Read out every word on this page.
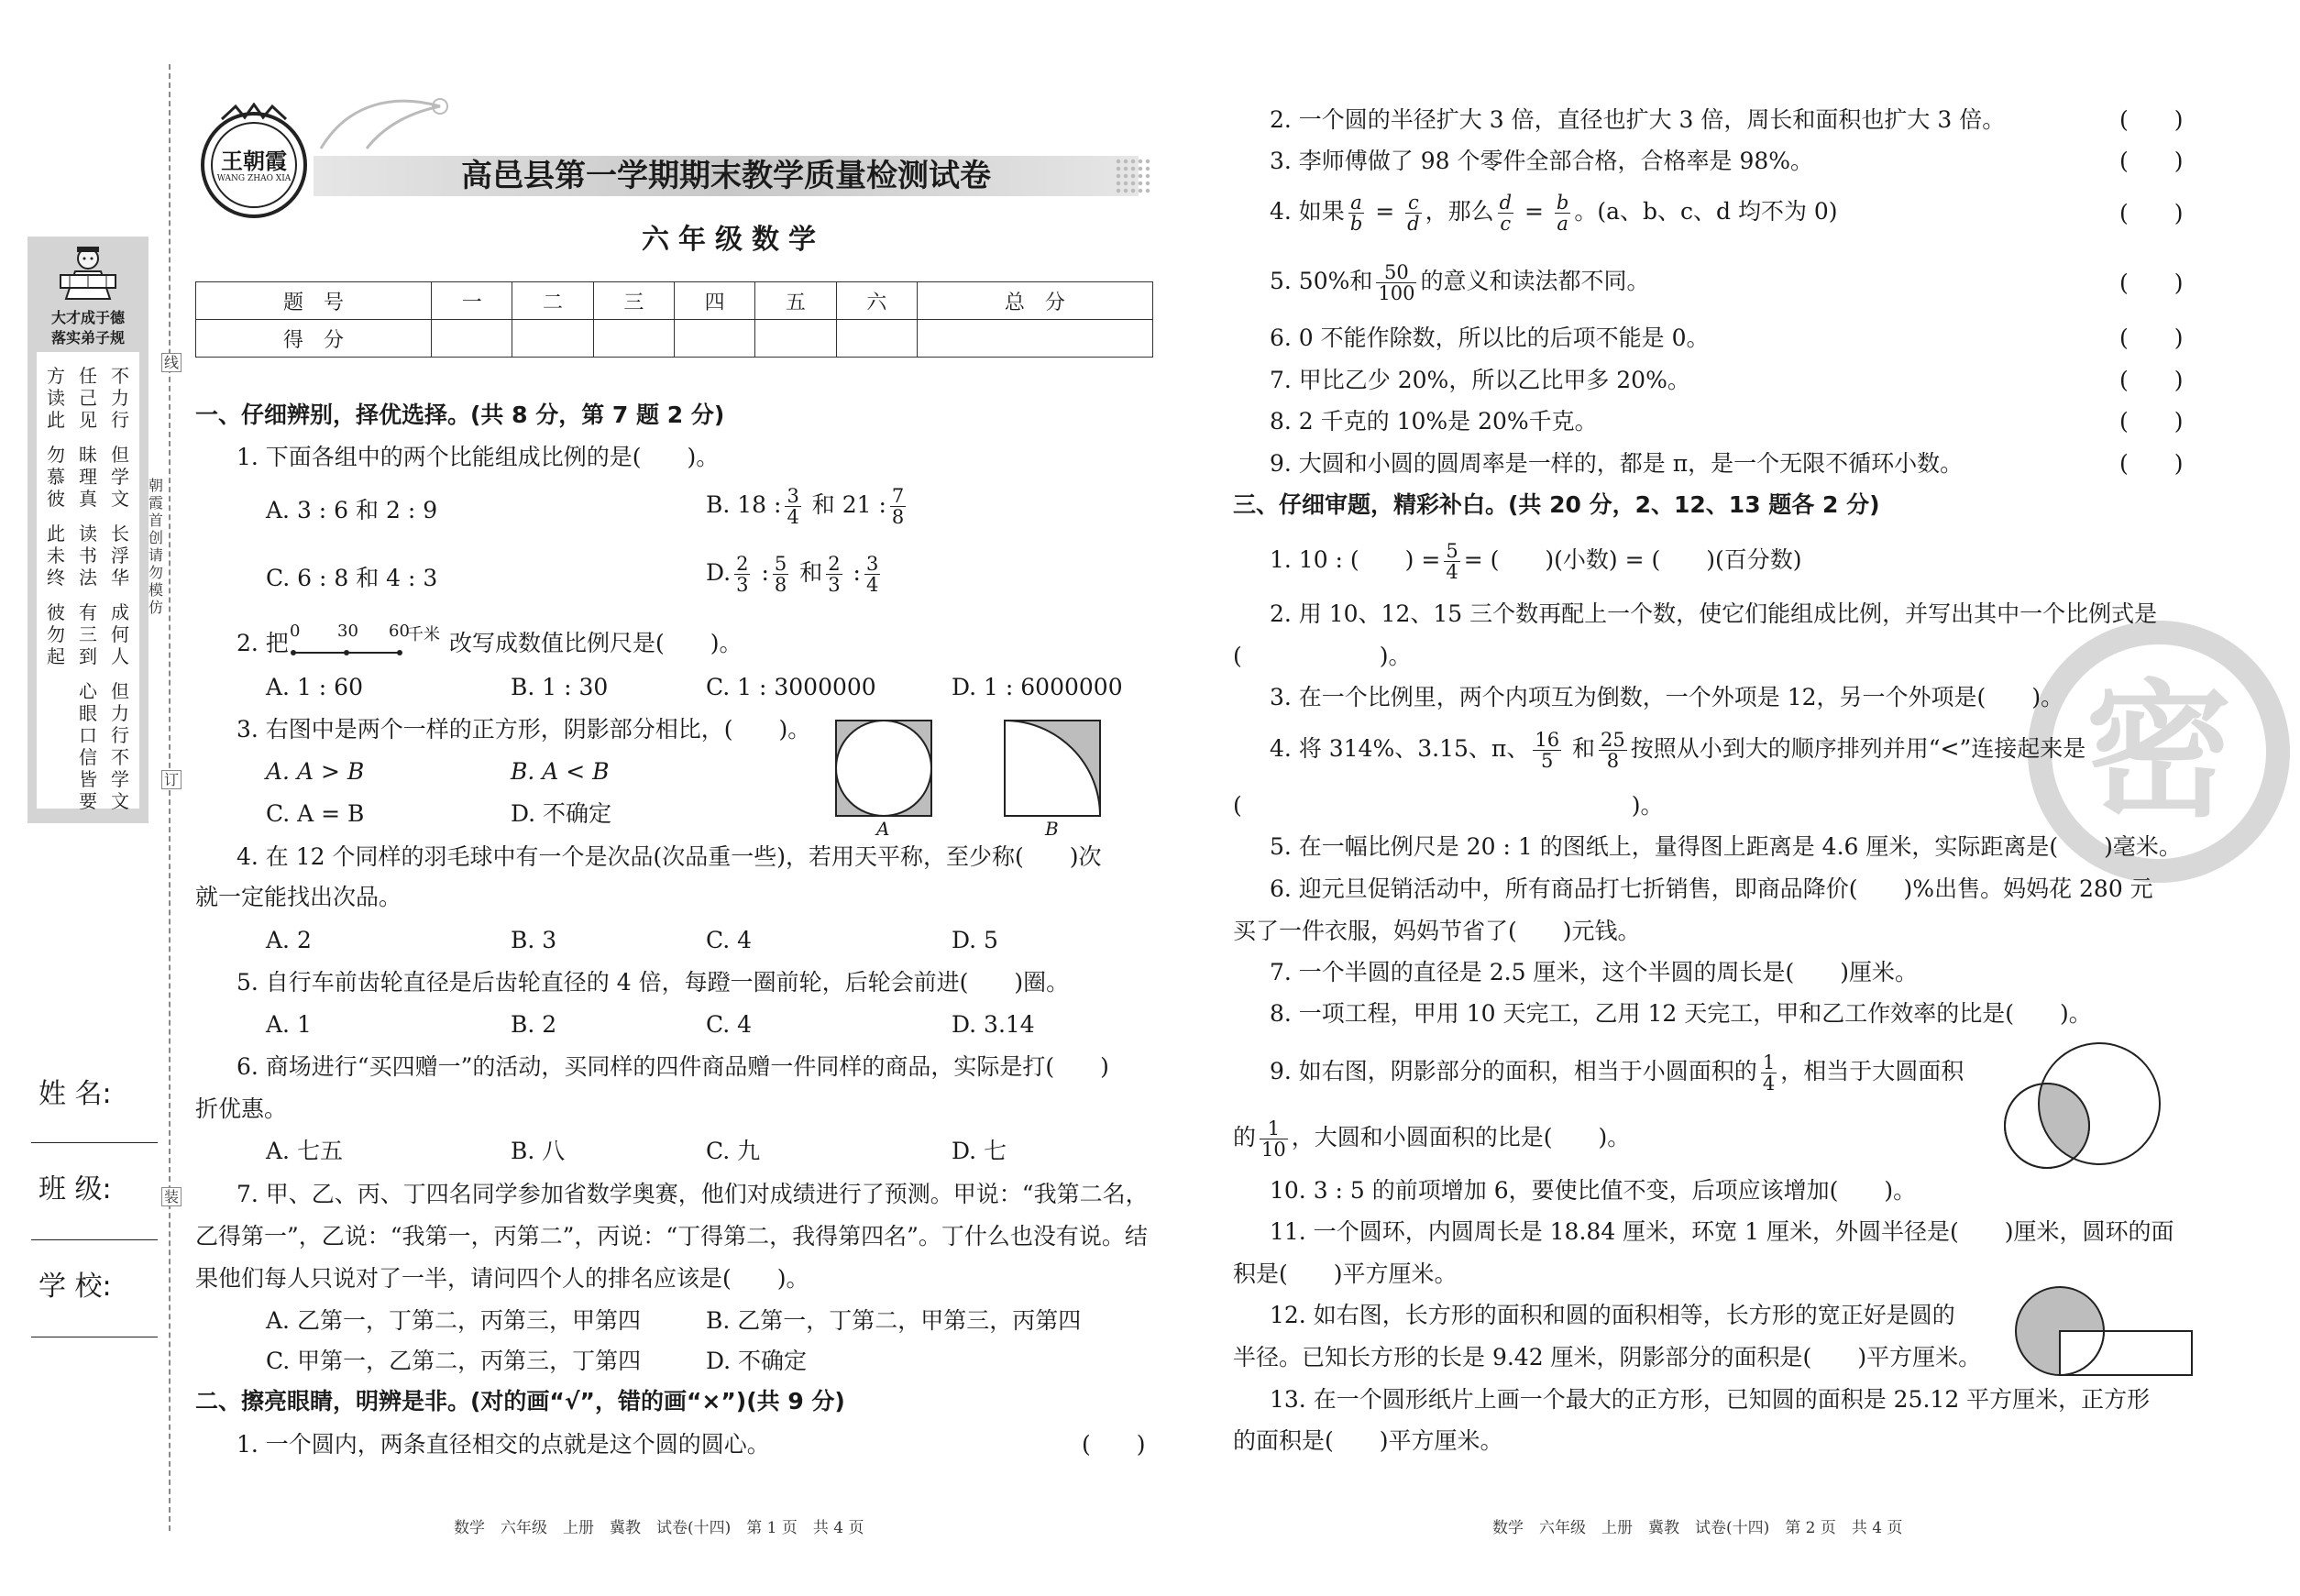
线
订
装
朝霞首创 请勿模仿
大才成于德
落实弟子规
方读此
勿慕彼
此未终
彼勿起
任己见
昧理真
读书法
有三到
心眼口
信皆要
不力行
但学文
长浮华
成何人
但力行
不学文
姓 名:
班 级:
学 校:
王朝霞
WANG ZHAO XIA	高邑县第一学期期末教学质量检测试卷
六年级数学
题　号	一	二	三	四	五	六	总　分
得　分							
一、仔细辨别，择优选择。(共 8 分，第 7 题 2 分)
1. 下面各组中的两个比能组成比例的是(　　)。
A. 3 : 6 和 2 : 9	B. 18 : $\frac{3}{4}$ 和 21 : $\frac{7}{8}$
C. 6 : 8 和 4 : 3	D. $\frac{2}{3}$ : $\frac{5}{8}$ 和 $\frac{2}{3}$ : $\frac{3}{4}$
2. 把 0 30 60
千米 改写成数值比例尺是(　　)。
A. 1 : 60	B. 1 : 30	C. 1 : 3000000	D. 1 : 6000000
3. 右图中是两个一样的正方形，阴影部分相比，(　　)。
A. A > B	B. A < B
C. A = B	D. 不确定
A	B
4. 在 12 个同样的羽毛球中有一个是次品(次品重一些)，若用天平称，至少称(　　)次
就一定能找出次品。
A. 2	B. 3	C. 4	D. 5
5. 自行车前齿轮直径是后齿轮直径的 4 倍，每蹬一圈前轮，后轮会前进(　　)圈。
A. 1	B. 2	C. 4	D. 3.14
6. 商场进行“买四赠一”的活动，买同样的四件商品赠一件同样的商品，实际是打(　　)
折优惠。
A. 七五	B. 八	C. 九	D. 七
7. 甲、乙、丙、丁四名同学参加省数学奥赛，他们对成绩进行了预测。甲说：“我第二名，
乙得第一”，乙说：“我第一，丙第二”，丙说：“丁得第二，我得第四名”。丁什么也没有说。结
果他们每人只说对了一半，请问四个人的排名应该是(　　)。
A. 乙第一，丁第二，丙第三，甲第四	B. 乙第一，丁第二，甲第三，丙第四
C. 甲第一，乙第二，丙第三，丁第四	D. 不确定
二、擦亮眼睛，明辨是非。(对的画“√”，错的画“×”)(共 9 分)
1. 一个圆内，两条直径相交的点就是这个圆的圆心。	(　　)
2. 一个圆的半径扩大 3 倍，直径也扩大 3 倍，周长和面积也扩大 3 倍。	(　　)
3. 李师傅做了 98 个零件全部合格，合格率是 98%。	(　　)
4. 如果 $\frac{a}{b} = \frac{c}{d}$ ，那么 $\frac{d}{c} = \frac{b}{a}$ 。(a、b、c、d 均不为 0)	(　　)
5. 50%和 $\frac{50}{100}$ 的意义和读法都不同。	(　　)
6. 0 不能作除数，所以比的后项不能是 0。	(　　)
7. 甲比乙少 20%，所以乙比甲多 20%。	(　　)
8. 2 千克的 10%是 20%千克。	(　　)
9. 大圆和小圆的圆周率是一样的，都是 π，是一个无限不循环小数。	(　　)
密
三、仔细审题，精彩补白。(共 20 分，2、12、13 题各 2 分)
1. 10 : (　　) = $\frac{5}{4}$ = (　　)(小数) = (　　)(百分数)
2. 用 10、12、15 三个数再配上一个数，使它们能组成比例，并写出其中一个比例式是
(　　　　　　)。
3. 在一个比例里，两个内项互为倒数，一个外项是 12，另一个外项是(　　)。
4. 将 314%、3.15、π、 $\frac{16}{5}$ 和 $\frac{25}{8}$ 按照从小到大的顺序排列并用“<”连接起来是
(　　　　　　　　　　　　　　　　　)。
5. 在一幅比例尺是 20 : 1 的图纸上，量得图上距离是 4.6 厘米，实际距离是(　　)毫米。
6. 迎元旦促销活动中，所有商品打七折销售，即商品降价(　　)%出售。妈妈花 280 元
买了一件衣服，妈妈节省了(　　)元钱。
7. 一个半圆的直径是 2.5 厘米，这个半圆的周长是(　　)厘米。
8. 一项工程，甲用 10 天完工，乙用 12 天完工，甲和乙工作效率的比是(　　)。
9. 如右图，阴影部分的面积，相当于小圆面积的 $\frac{1}{4}$ ，相当于大圆面积
的 $\frac{1}{10}$ ，大圆和小圆面积的比是(　　)。
10. 3 : 5 的前项增加 6，要使比值不变，后项应该增加(　　)。
11. 一个圆环，内圆周长是 18.84 厘米，环宽 1 厘米，外圆半径是(　　)厘米，圆环的面
积是(　　)平方厘米。
12. 如右图，长方形的面积和圆的面积相等，长方形的宽正好是圆的
半径。已知长方形的长是 9.42 厘米，阴影部分的面积是(　　)平方厘米。
13. 在一个圆形纸片上画一个最大的正方形，已知圆的面积是 25.12 平方厘米，正方形
的面积是(　　)平方厘米。
数学　六年级　上册　冀教　试卷(十四)　第 1 页　共 4 页	数学　六年级　上册　冀教　试卷(十四)　第 2 页　共 4 页
